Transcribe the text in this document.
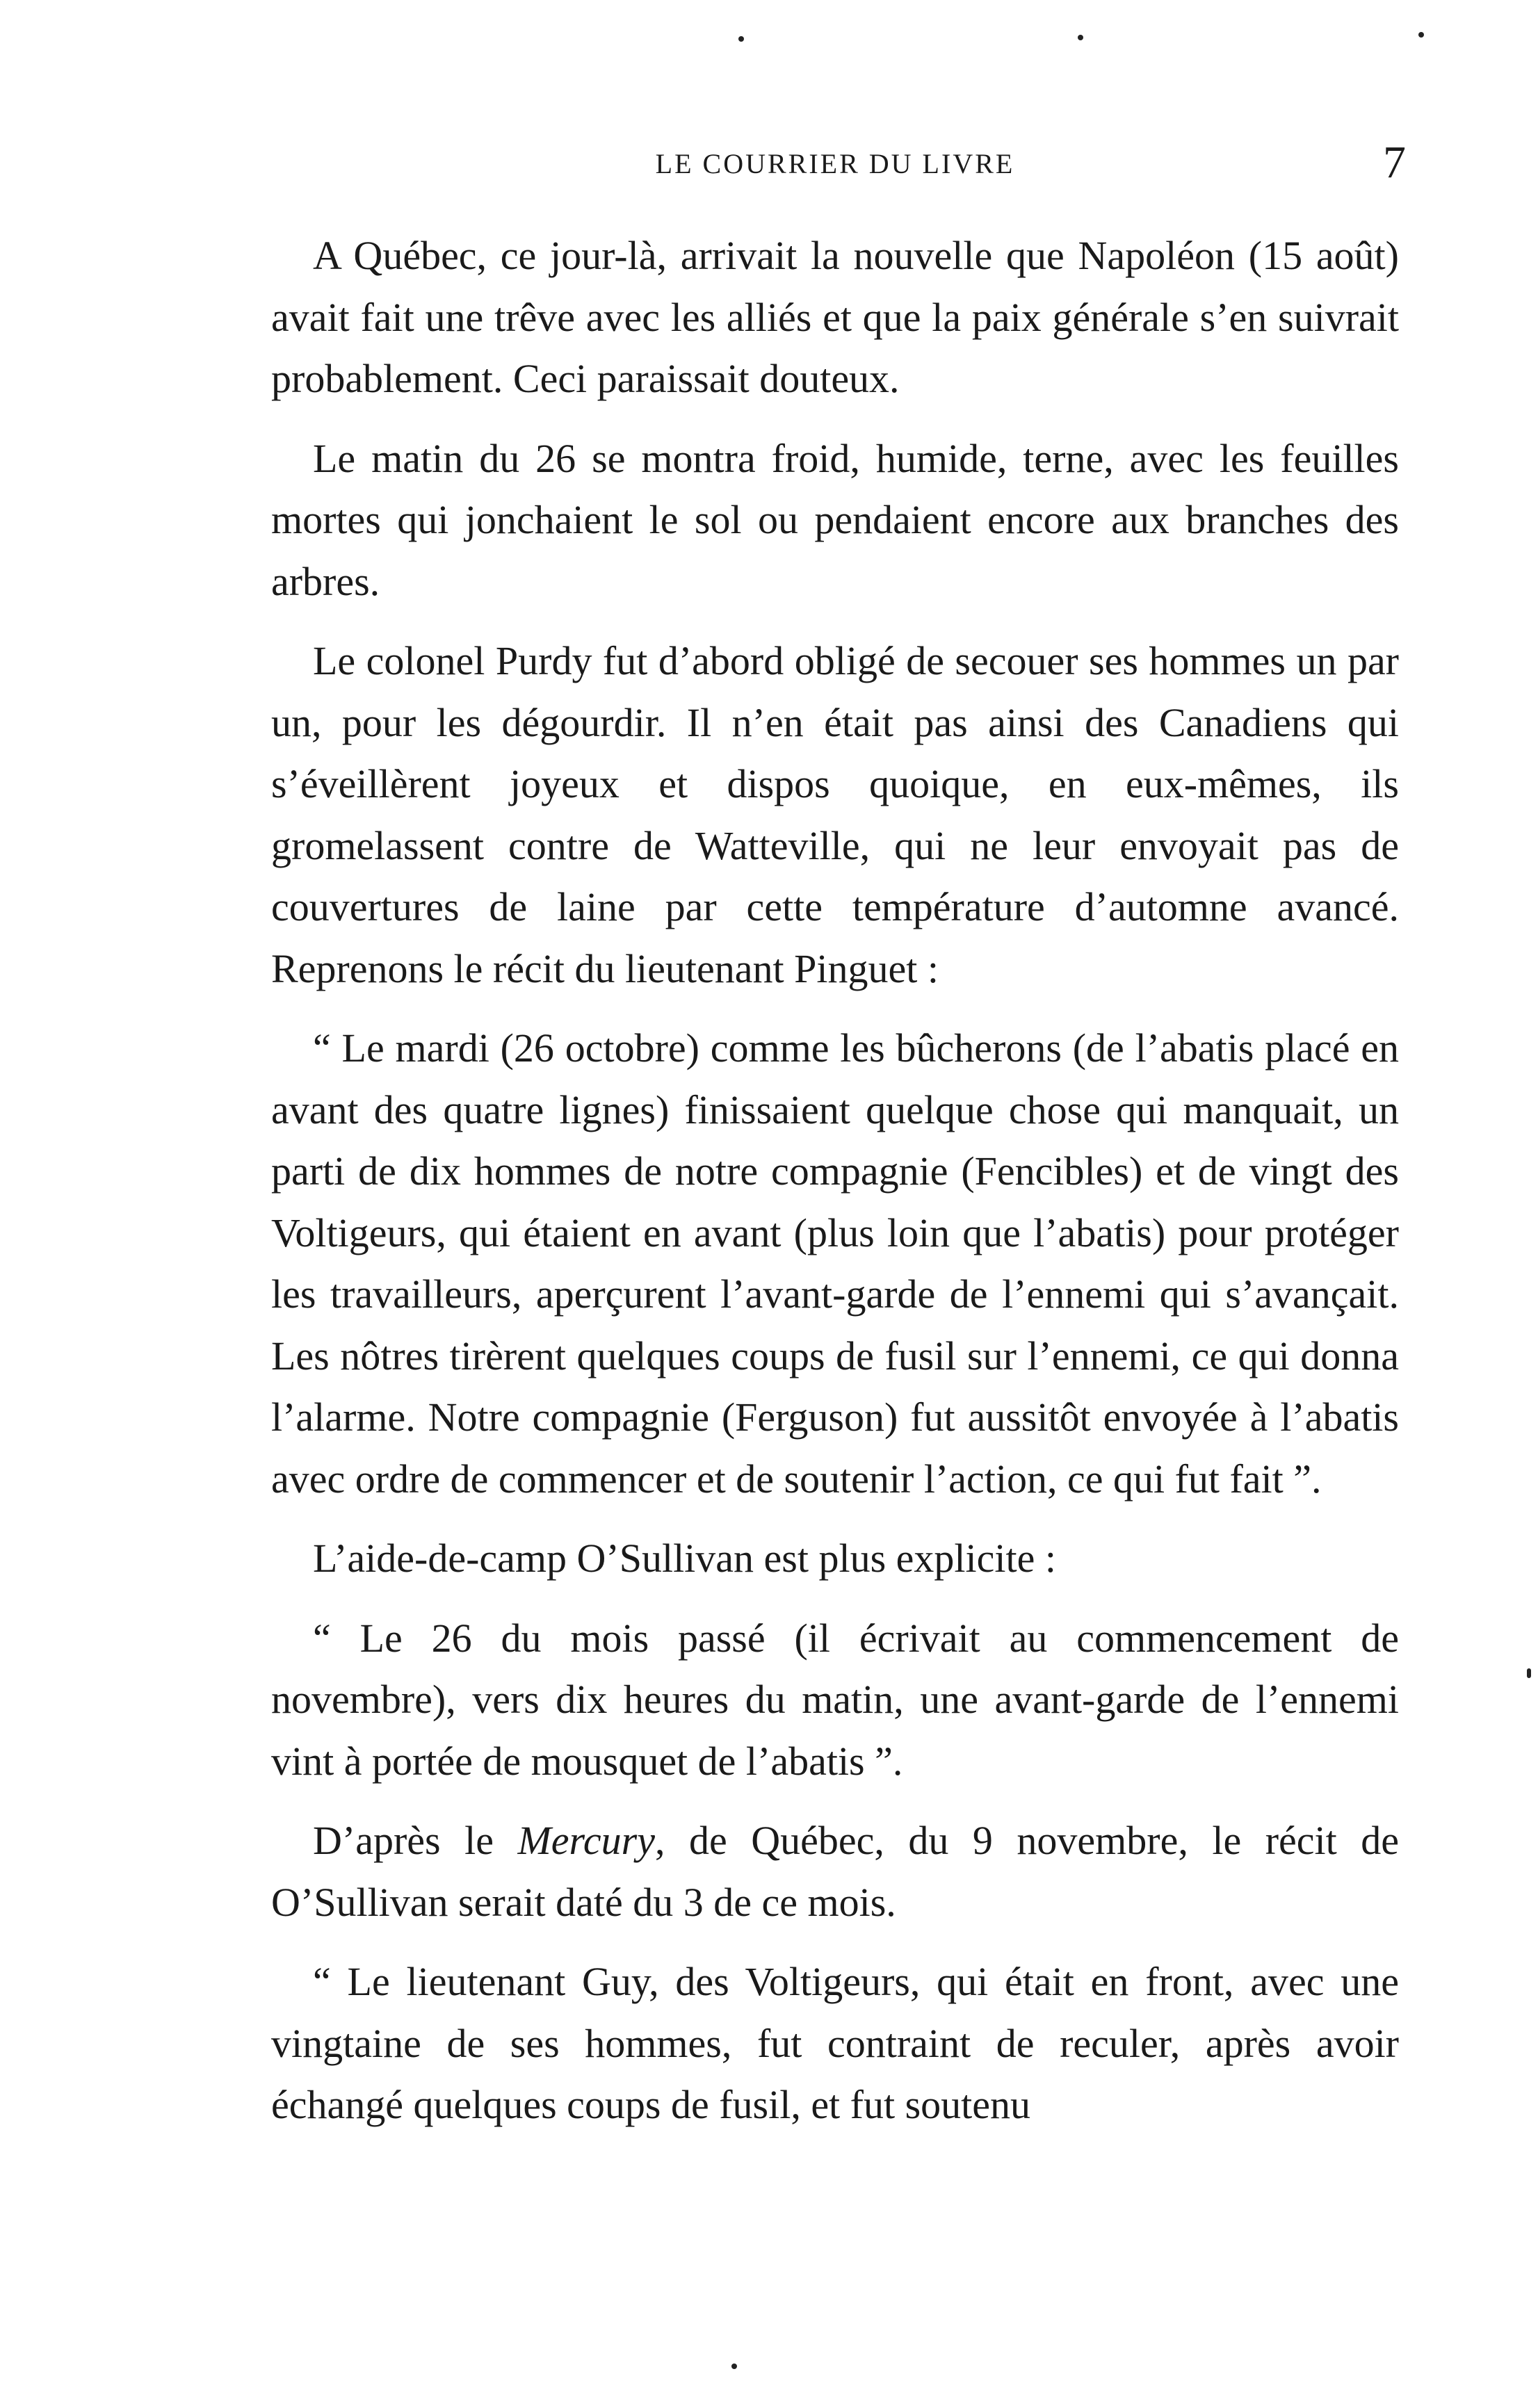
LE COURRIER DU LIVRE	7

A Québec, ce jour-là, arrivait la nouvelle que Napoléon (15 août) avait fait une trêve avec les alliés et que la paix générale s’en suivrait probablement. Ceci paraissait douteux.

Le matin du 26 se montra froid, humide, terne, avec les feuilles mortes qui jonchaient le sol ou pendaient encore aux branches des arbres.

Le colonel Purdy fut d’abord obligé de secouer ses hommes un par un, pour les dégourdir. Il n’en était pas ainsi des Canadiens qui s’éveillèrent joyeux et dispos quoique, en eux-mêmes, ils gromelassent contre de Watteville, qui ne leur envoyait pas de couvertures de laine par cette température d’automne avancé. Reprenons le récit du lieutenant Pinguet :

“ Le mardi (26 octobre) comme les bûcherons (de l’abatis placé en avant des quatre lignes) finissaient quelque chose qui manquait, un parti de dix hommes de notre compagnie (Fencibles) et de vingt des Voltigeurs, qui étaient en avant (plus loin que l’abatis) pour protéger les travailleurs, aperçurent l’avant-garde de l’ennemi qui s’avançait. Les nôtres tirèrent quelques coups de fusil sur l’ennemi, ce qui donna l’alarme. Notre compagnie (Ferguson) fut aussitôt envoyée à l’abatis avec ordre de commencer et de soutenir l’action, ce qui fut fait ”.

L’aide-de-camp O’Sullivan est plus explicite :

“ Le 26 du mois passé (il écrivait au commencement de novembre), vers dix heures du matin, une avant-garde de l’ennemi vint à portée de mousquet de l’abatis ”.

D’après le Mercury, de Québec, du 9 novembre, le récit de O’Sullivan serait daté du 3 de ce mois.

“ Le lieutenant Guy, des Voltigeurs, qui était en front, avec une vingtaine de ses hommes, fut contraint de reculer, après avoir échangé quelques coups de fusil, et fut soutenu
